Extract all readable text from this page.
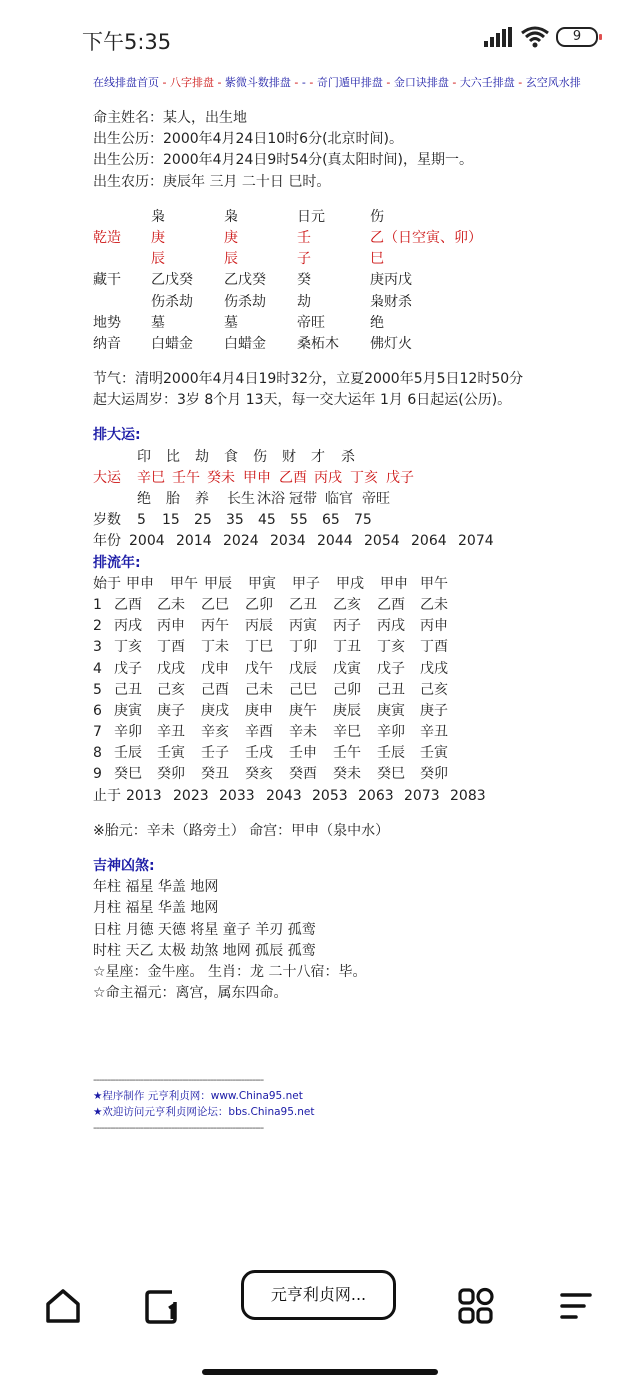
下午5:35	9
在线排盘首页 - 八字排盘 - 紫微斗数排盘 - - - 奇门遁甲排盘 - 金口诀排盘 - 大六壬排盘 - 玄空风水排
命主姓名：某人，出生地
出生公历：2000年4月24日10时6分(北京时间)。
出生公历：2000年4月24日9时54分(真太阳时间)，星期一。
出生农历：庚辰年 三月 二十日 巳时。
枭	枭	日元	伤
乾造 庚	庚	壬	乙（日空寅、卯）
辰	辰	子	巳
藏干 乙戊癸 乙戊癸 癸	庚丙戊
伤杀劫 伤杀劫 劫	枭财杀
地势 墓	墓	帝旺	绝
纳音 白蜡金 白蜡金 桑柘木 佛灯火
节气：清明2000年4月4日19时32分，立夏2000年5月5日12时50分
起大运周岁：3岁 8个月 13天，每一交大运年 1月 6日起运(公历)。
排大运:
印 比 劫 食 伤 财 才 杀
大运 辛巳 壬午 癸未 甲申 乙酉 丙戌 丁亥 戊子
绝 胎 养 长生 沐浴 冠带 临官 帝旺
岁数 5 15 25 35 45 55 65 75
年份 2004 2014 2024 2034 2044 2054 2064 2074
排流年:
始于 甲申 甲午 甲辰 甲寅 甲子 甲戌 甲申 甲午
1 乙酉 乙未 乙巳 乙卯 乙丑 乙亥 乙酉 乙未
2 丙戌 丙申 丙午 丙辰 丙寅 丙子 丙戌 丙申
3 丁亥 丁酉 丁未 丁巳 丁卯 丁丑 丁亥 丁酉
4 戊子 戊戌 戊申 戊午 戊辰 戊寅 戊子 戊戌
5 己丑 己亥 己酉 己未 己巳 己卯 己丑 己亥
6 庚寅 庚子 庚戌 庚申 庚午 庚辰 庚寅 庚子
7 辛卯 辛丑 辛亥 辛酉 辛未 辛巳 辛卯 辛丑
8 壬辰 壬寅 壬子 壬戌 壬申 壬午 壬辰 壬寅
9 癸巳 癸卯 癸丑 癸亥 癸酉 癸未 癸巳 癸卯
止于 2013 2023 2033 2043 2053 2063 2073 2083
※胎元：辛未（路旁土） 命宫：甲申（泉中水）
吉神凶煞:
年柱 福星 华盖 地网
月柱 福星 华盖 地网
日柱 月德 天德 将星 童子 羊刃 孤鸾
时柱 天乙 太极 劫煞 地网 孤辰 孤鸾
☆星座：金牛座。 生肖：龙 二十八宿：毕。
☆命主福元：离宫，属东四命。
-------------------------------------------------------------
★程序制作 元亨利贞网：www.China95.net
★欢迎访问元亨利贞网论坛：bbs.China95.net
-------------------------------------------------------------
元亨利贞网...
